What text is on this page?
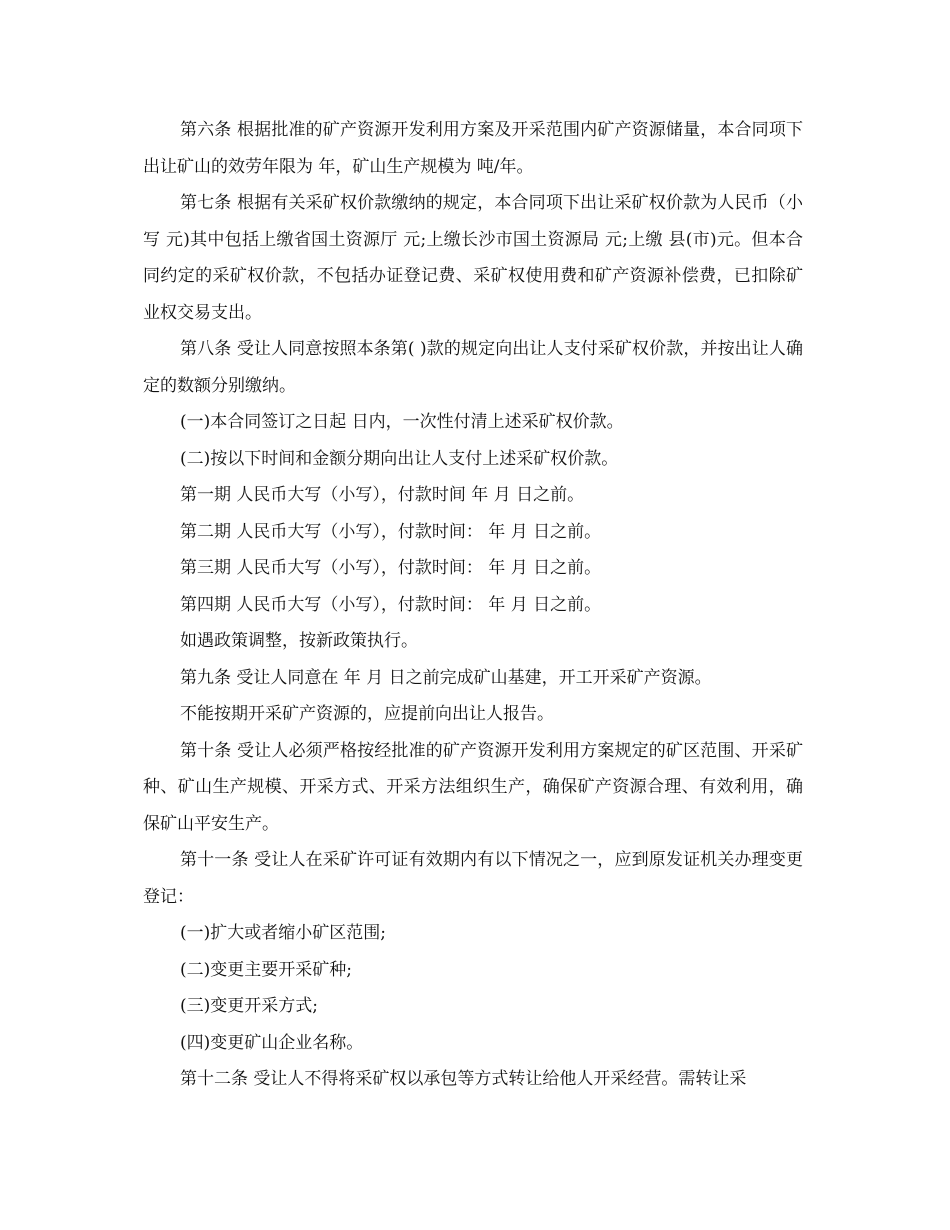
第六条 根据批准的矿产资源开发利用方案及开采范围内矿产资源储量，本合同项下出让矿山的效劳年限为 年，矿山生产规模为 吨/年。

第七条 根据有关采矿权价款缴纳的规定，本合同项下出让采矿权价款为人民币（小写 元)其中包括上缴省国土资源厅 元;上缴长沙市国土资源局 元;上缴 县(市)元。但本合同约定的采矿权价款，不包括办证登记费、采矿权使用费和矿产资源补偿费，已扣除矿业权交易支出。

第八条 受让人同意按照本条第( )款的规定向出让人支付采矿权价款，并按出让人确定的数额分别缴纳。

(一)本合同签订之日起 日内，一次性付清上述采矿权价款。

(二)按以下时间和金额分期向出让人支付上述采矿权价款。

第一期 人民币大写（小写），付款时间 年 月 日之前。

第二期 人民币大写（小写），付款时间： 年 月 日之前。

第三期 人民币大写（小写），付款时间： 年 月 日之前。

第四期 人民币大写（小写），付款时间： 年 月 日之前。

如遇政策调整，按新政策执行。

第九条 受让人同意在 年 月 日之前完成矿山基建，开工开采矿产资源。

不能按期开采矿产资源的，应提前向出让人报告。

第十条 受让人必须严格按经批准的矿产资源开发利用方案规定的矿区范围、开采矿种、矿山生产规模、开采方式、开采方法组织生产，确保矿产资源合理、有效利用，确保矿山平安生产。

第十一条 受让人在采矿许可证有效期内有以下情况之一，应到原发证机关办理变更登记：

(一)扩大或者缩小矿区范围;

(二)变更主要开采矿种;

(三)变更开采方式;

(四)变更矿山企业名称。

第十二条 受让人不得将采矿权以承包等方式转让给他人开采经营。需转让采
